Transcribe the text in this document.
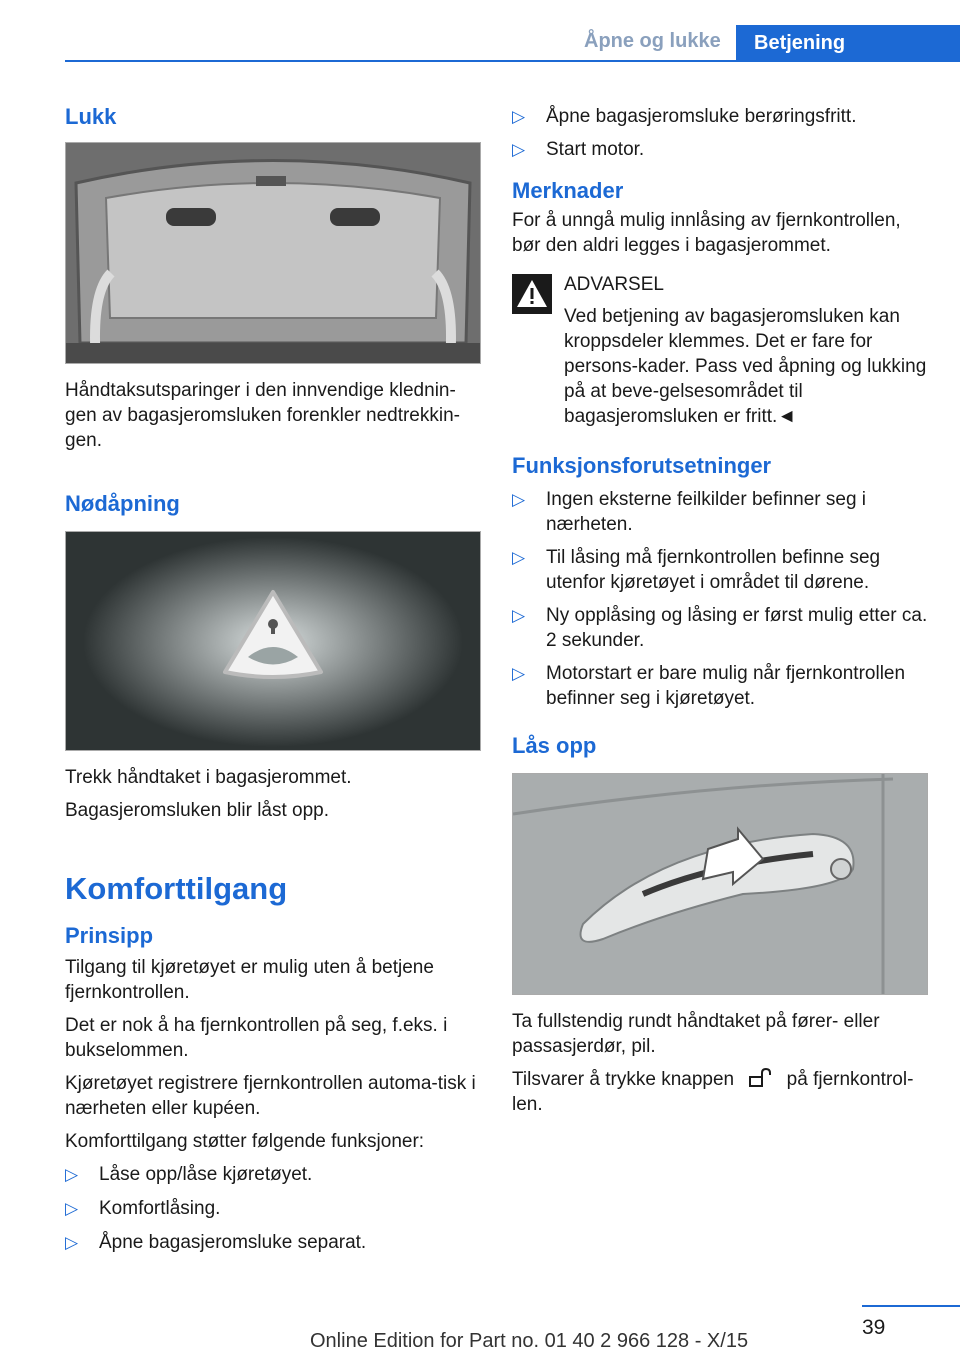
Åpne og lukke	Betjening
Lukk

Håndtaksutsparinger i den innvendige klednin-gen av bagasjeromsluken forenkler nedtrekkin-gen.

Nødåpning

Trekk håndtaket i bagasjerommet.

Bagasjeromsluken blir låst opp.

Komforttilgang
Prinsipp

Tilgang til kjøretøyet er mulig uten å betjene fjernkontrollen.

Det er nok å ha fjernkontrollen på seg, f.eks. i bukselommen.

Kjøretøyet registrere fjernkontrollen automa-tisk i nærheten eller kupéen.

Komforttilgang støtter følgende funksjoner:

▷ Låse opp/låse kjøretøyet.
▷ Komfortlåsing.
▷ Åpne bagasjeromsluke separat.
▷ Åpne bagasjeromsluke berøringsfritt.
▷ Start motor.
Merknader

For å unngå mulig innlåsing av fjernkontrollen, bør den aldri legges i bagasjerommet.

ADVARSEL

Ved betjening av bagasjeromsluken kan kroppsdeler klemmes. Det er fare for persons-kader. Pass ved åpning og lukking på at beve-gelsesområdet til bagasjeromsluken er fritt.◄

Funksjonsforutsetninger
▷ Ingen eksterne feilkilder befinner seg i nærheten.
▷ Til låsing må fjernkontrollen befinne seg utenfor kjøretøyet i området til dørene.
▷ Ny opplåsing og låsing er først mulig etter ca. 2 sekunder.
▷ Motorstart er bare mulig når fjernkontrollen befinner seg i kjøretøyet.
Lås opp

Ta fullstendig rundt håndtaket på fører- eller passasjerdør, pil.

Tilsvarer å trykke knappen	på fjernkontrol-len.

39
Online Edition for Part no. 01 40 2 966 128 - X/15
